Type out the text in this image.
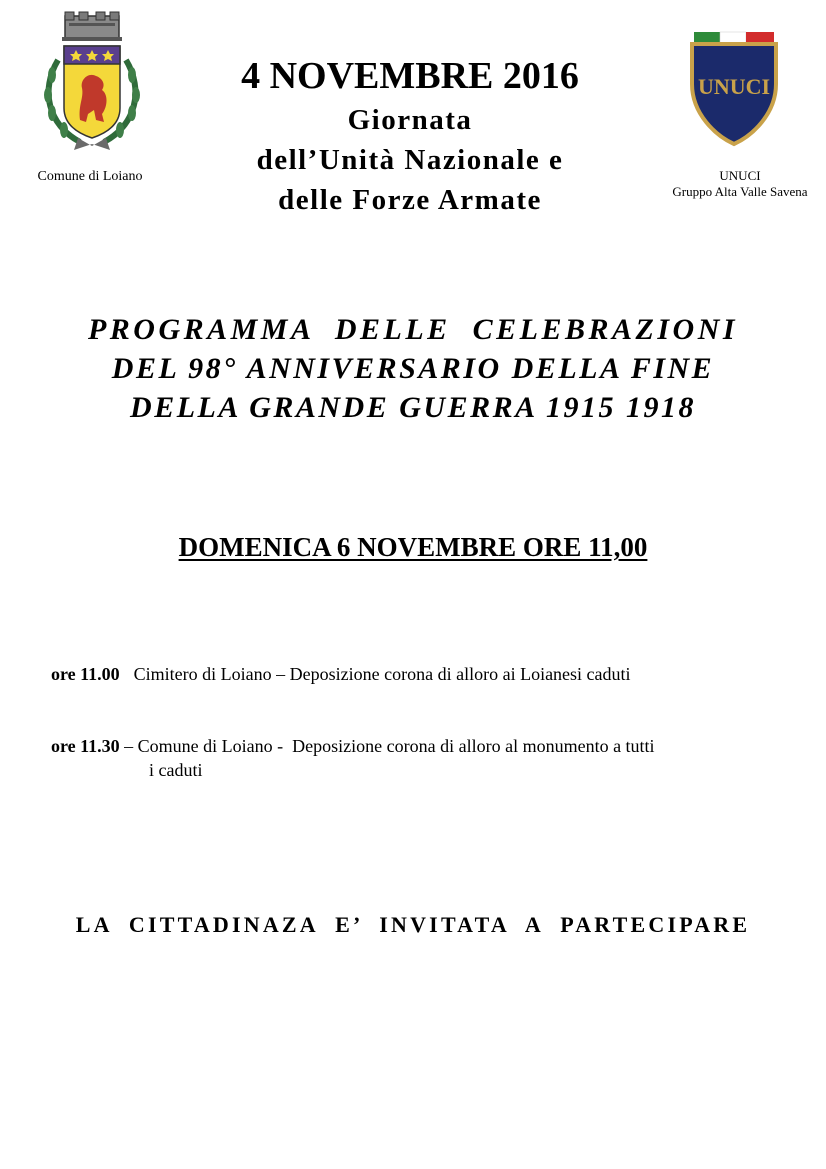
Comune di Loiano
UNUCI
UNUCI
Gruppo Alta Valle Savena
4 NOVEMBRE 2016
Giornata
dell’Unità Nazionale e
delle Forze Armate
PROGRAMMA  DELLE  CELEBRAZIONI
DEL 98° ANNIVERSARIO DELLA FINE
DELLA GRANDE GUERRA 1915 1918
DOMENICA 6 NOVEMBRE ORE 11,00
ore 11.00 Cimitero di Loiano – Deposizione corona di alloro ai Loianesi caduti
ore 11.30 – Comune di Loiano -  Deposizione corona di alloro al monumento a tutti
i caduti
LA  CITTADINAZA  E’  INVITATA  A  PARTECIPARE
